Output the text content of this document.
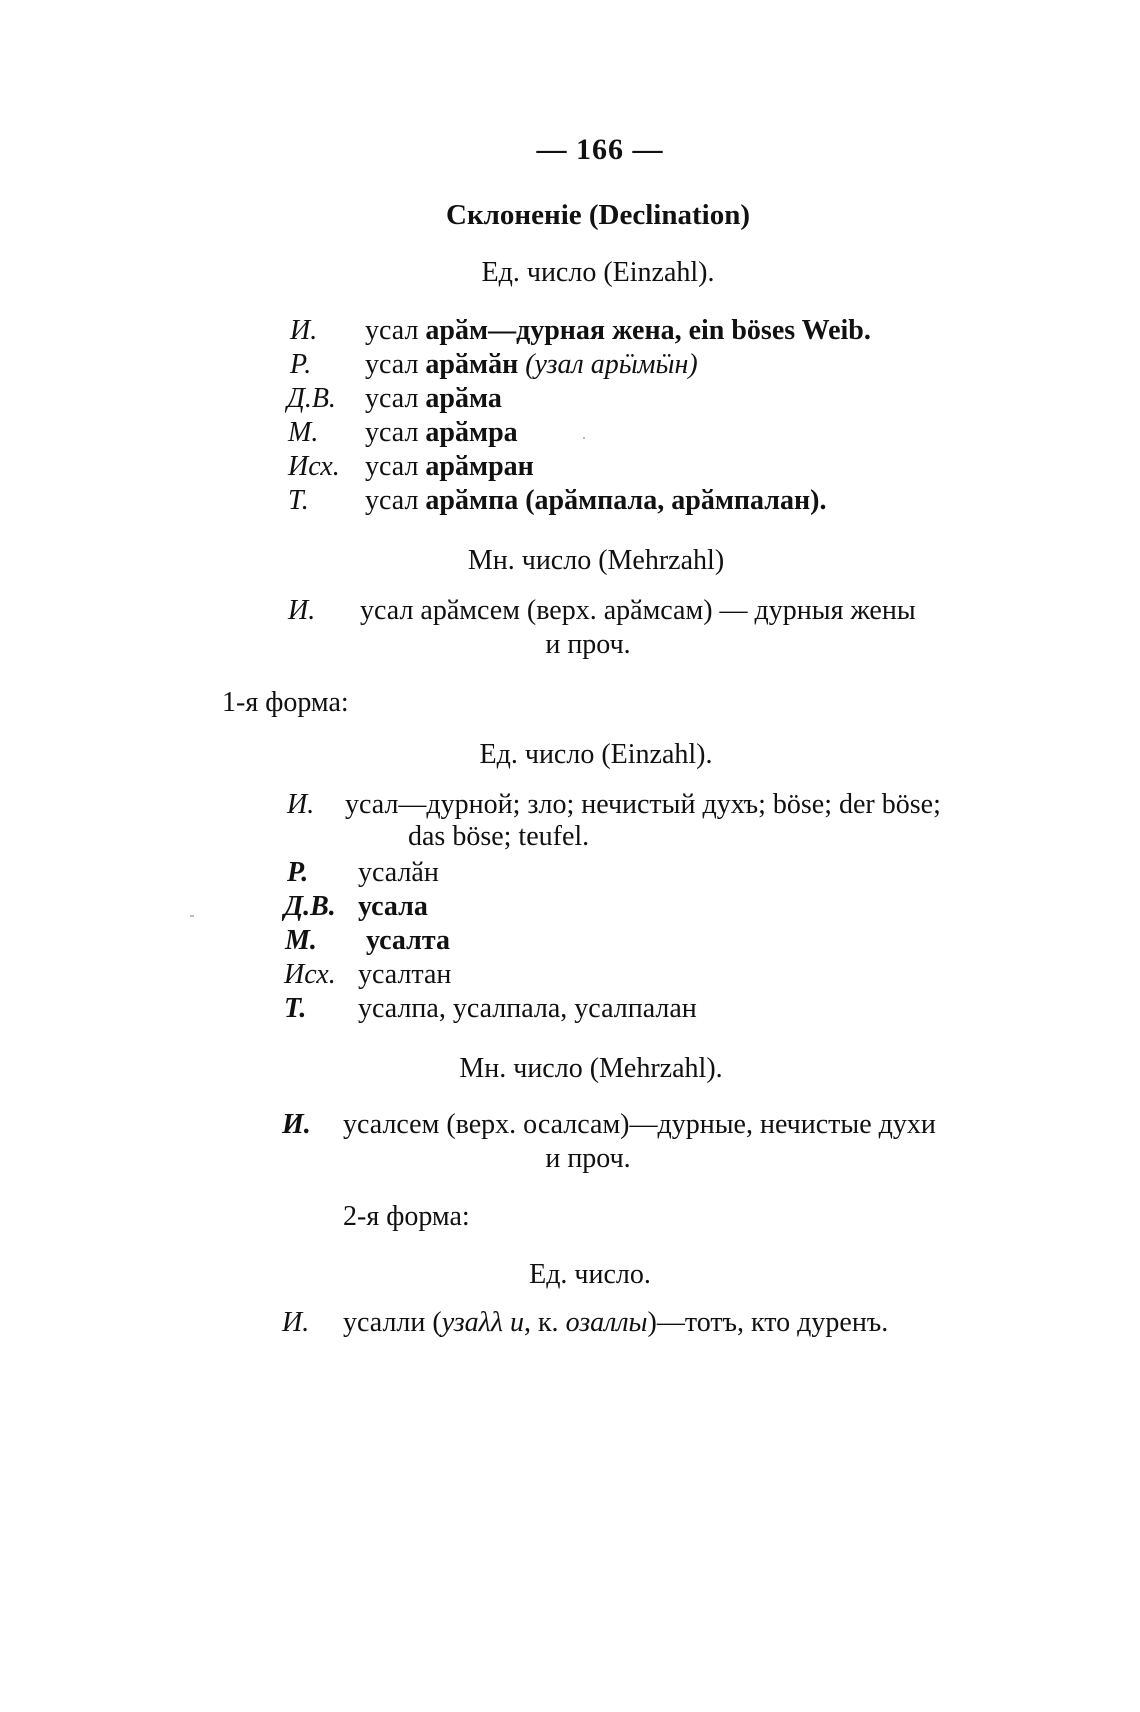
— 166 —
Склоненіе (Declination)
Ед. число (Einzahl).
И. усал арӑм—дурная жена, ein böses Weib.
Р. усал арӑмӑн (узал арӹмӹн)
Д.В. усал арӑма
М. усал арӑмра
Исх. усал арӑмран
Т. усал арӑмпа (арӑмпала, арӑмпалан).
Мн. число (Mehrzahl)
И. усал арӑмсем (верх. арӑмсам) — дурныя жены
и проч.
1-я форма:
Ед. число (Einzahl).
И. усал—дурной; зло; нечистый духъ; böse; der böse;
das böse; teufel.
Р. усалӑн
Д.В. усала
М. усалта
Исх. усалтан
Т. усалпа, усалпала, усалпалан
Мн. число (Mehrzahl).
И. усалсем (верх. осалсам)—дурные, нечистые духи
и проч.
2-я форма:
Ед. число.
И. усалли (узаλλ и, к. озаллы)—тотъ, кто дуренъ.
